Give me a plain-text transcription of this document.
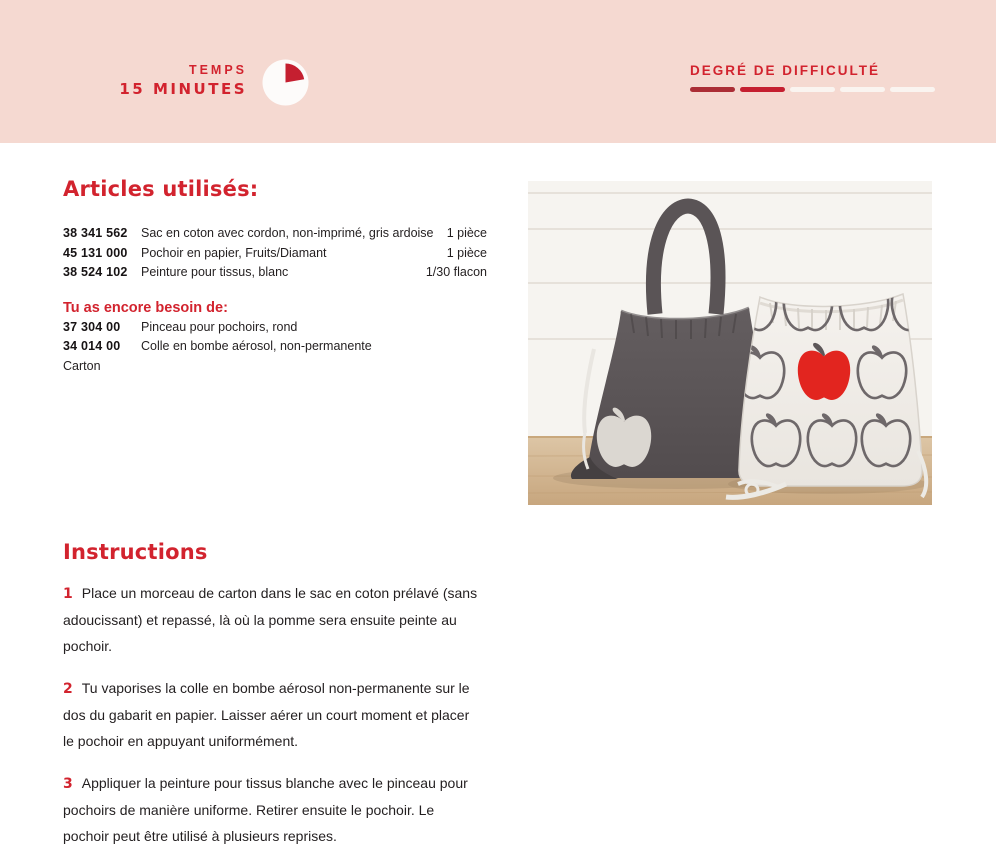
TEMPS
15 MINUTES
DEGRÉ DE DIFFICULTÉ
Articles utilisés:
38 341 562	Sac en coton avec cordon, non-imprimé, gris ardoise	1 pièce
45 131 000	Pochoir en papier, Fruits/Diamant	1 pièce
38 524 102	Peinture pour tissus, blanc	1/30 flacon
Tu as encore besoin de:
37 304 00	Pinceau pour pochoirs, rond
34 014 00	Colle en bombe aérosol, non-permanente
Carton
Instructions

1 Place un morceau de carton dans le sac en coton prélavé (sans adoucissant) et repassé, là où la pomme sera ensuite peinte au pochoir.

2 Tu vaporises la colle en bombe aérosol non-permanente sur le dos du gabarit en papier. Laisser aérer un court moment et placer le pochoir en appuyant uniformément.

3 Appliquer la peinture pour tissus blanche avec le pinceau pour pochoirs de manière uniforme. Retirer ensuite le pochoir. Le pochoir peut être utilisé à plusieurs reprises.
